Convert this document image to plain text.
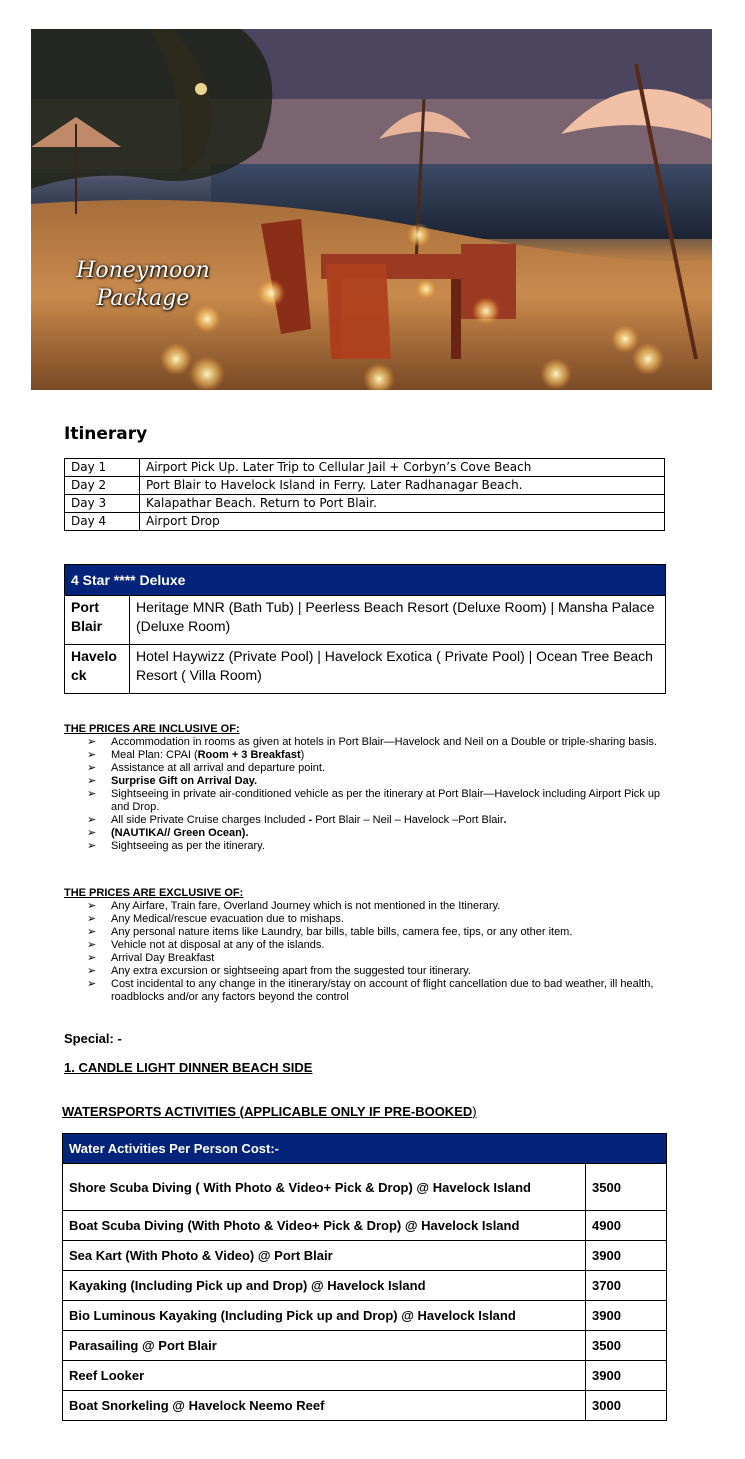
Honeymoon
Package
Itinerary
Day 1	Airport Pick Up. Later Trip to Cellular Jail + Corbyn’s Cove Beach
Day 2	Port Blair to Havelock Island in Ferry. Later Radhanagar Beach.
Day 3	Kalapathar Beach. Return to Port Blair.
Day 4	Airport Drop
4 Star **** Deluxe	
Port Blair	Heritage MNR (Bath Tub) | Peerless Beach Resort (Deluxe Room) | Mansha Palace (Deluxe Room)
Havelo ck	Hotel Haywizz (Private Pool) | Havelock Exotica ( Private Pool) | Ocean Tree Beach Resort ( Villa Room)
THE PRICES ARE INCLUSIVE OF:
➢ Accommodation in rooms as given at hotels in Port Blair—Havelock and Neil on a Double or triple-sharing basis.
➢ Meal Plan: CPAI (Room + 3 Breakfast)
➢ Assistance at all arrival and departure point.
➢ Surprise Gift on Arrival Day.
➢ Sightseeing in private air-conditioned vehicle as per the itinerary at Port Blair—Havelock including Airport Pick up and Drop.
➢ All side Private Cruise charges Included - Port Blair – Neil – Havelock –Port Blair.
➢ (NAUTIKA// Green Ocean).
➢ Sightseeing as per the itinerary.
THE PRICES ARE EXCLUSIVE OF:
➢ Any Airfare, Train fare, Overland Journey which is not mentioned in the Itinerary.
➢ Any Medical/rescue evacuation due to mishaps.
➢ Any personal nature items like Laundry, bar bills, table bills, camera fee, tips, or any other item.
➢ Vehicle not at disposal at any of the islands.
➢ Arrival Day Breakfast
➢ Any extra excursion or sightseeing apart from the suggested tour itinerary.
➢ Cost incidental to any change in the itinerary/stay on account of flight cancellation due to bad weather, ill health, roadblocks and/or any factors beyond the control
Special: -
1. CANDLE LIGHT DINNER BEACH SIDE
WATERSPORTS ACTIVITIES (APPLICABLE ONLY IF PRE-BOOKED)
Water Activities Per Person Cost:-	
Shore Scuba Diving ( With Photo & Video+ Pick & Drop) @ Havelock Island	3500
Boat Scuba Diving (With Photo & Video+ Pick & Drop) @ Havelock Island	4900
Sea Kart (With Photo & Video) @ Port Blair	3900
Kayaking (Including Pick up and Drop) @ Havelock Island	3700
Bio Luminous Kayaking (Including Pick up and Drop) @ Havelock Island	3900
Parasailing @ Port Blair	3500
Reef Looker	3900
Boat Snorkeling @ Havelock Neemo Reef	3000
